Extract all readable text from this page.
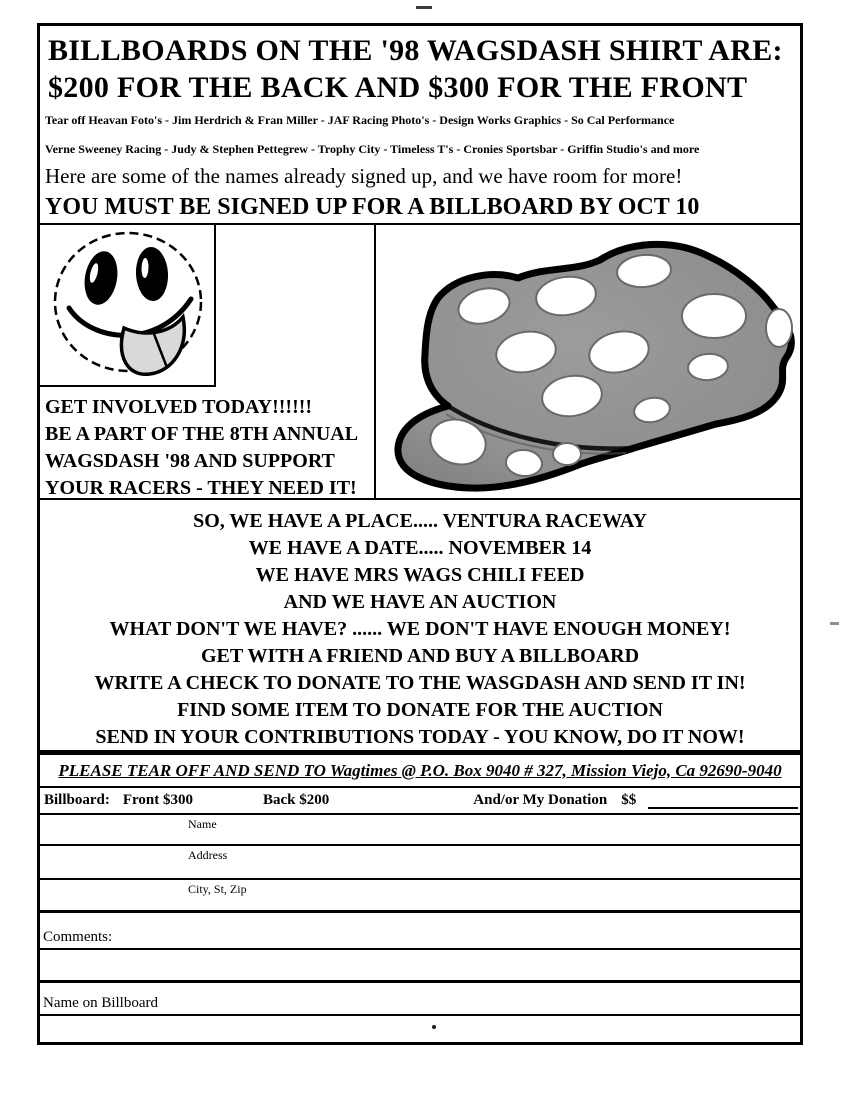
BILLBOARDS ON THE '98 WAGSDASH SHIRT ARE:
$200 FOR THE BACK AND $300 FOR THE FRONT

Tear off Heavan Foto's - Jim Herdrich & Fran Miller - JAF Racing Photo's - Design Works Graphics - So Cal Performance

Verne Sweeney Racing - Judy & Stephen Pettegrew - Trophy City - Timeless T's - Cronies Sportsbar - Griffin Studio's and more

Here are some of the names already signed up, and we have room for more!

YOU MUST BE SIGNED UP FOR A BILLBOARD BY OCT 10

GET INVOLVED TODAY!!!!!!

BE A PART OF THE 8TH ANNUAL

WAGSDASH '98 AND SUPPORT

YOUR RACERS - THEY NEED IT!

SO, WE HAVE A PLACE..... VENTURA RACEWAY

WE HAVE A DATE..... NOVEMBER 14

WE HAVE MRS WAGS CHILI FEED

AND WE HAVE AN AUCTION

WHAT DON'T WE HAVE? ...... WE DON'T HAVE ENOUGH MONEY!

GET WITH A FRIEND AND BUY A BILLBOARD

WRITE A CHECK TO DONATE TO THE WASGDASH AND SEND IT IN!

FIND SOME ITEM TO DONATE FOR THE AUCTION

SEND IN YOUR CONTRIBUTIONS TODAY - YOU KNOW, DO IT NOW!

PLEASE TEAR OFF AND SEND TO Wagtimes @ P.O. Box 9040 # 327, Mission Viejo, Ca 92690-9040
Billboard: Front $300	Back $200	And/or My Donation $$
Name
Address
City, St, Zip
Comments:
Name on Billboard
